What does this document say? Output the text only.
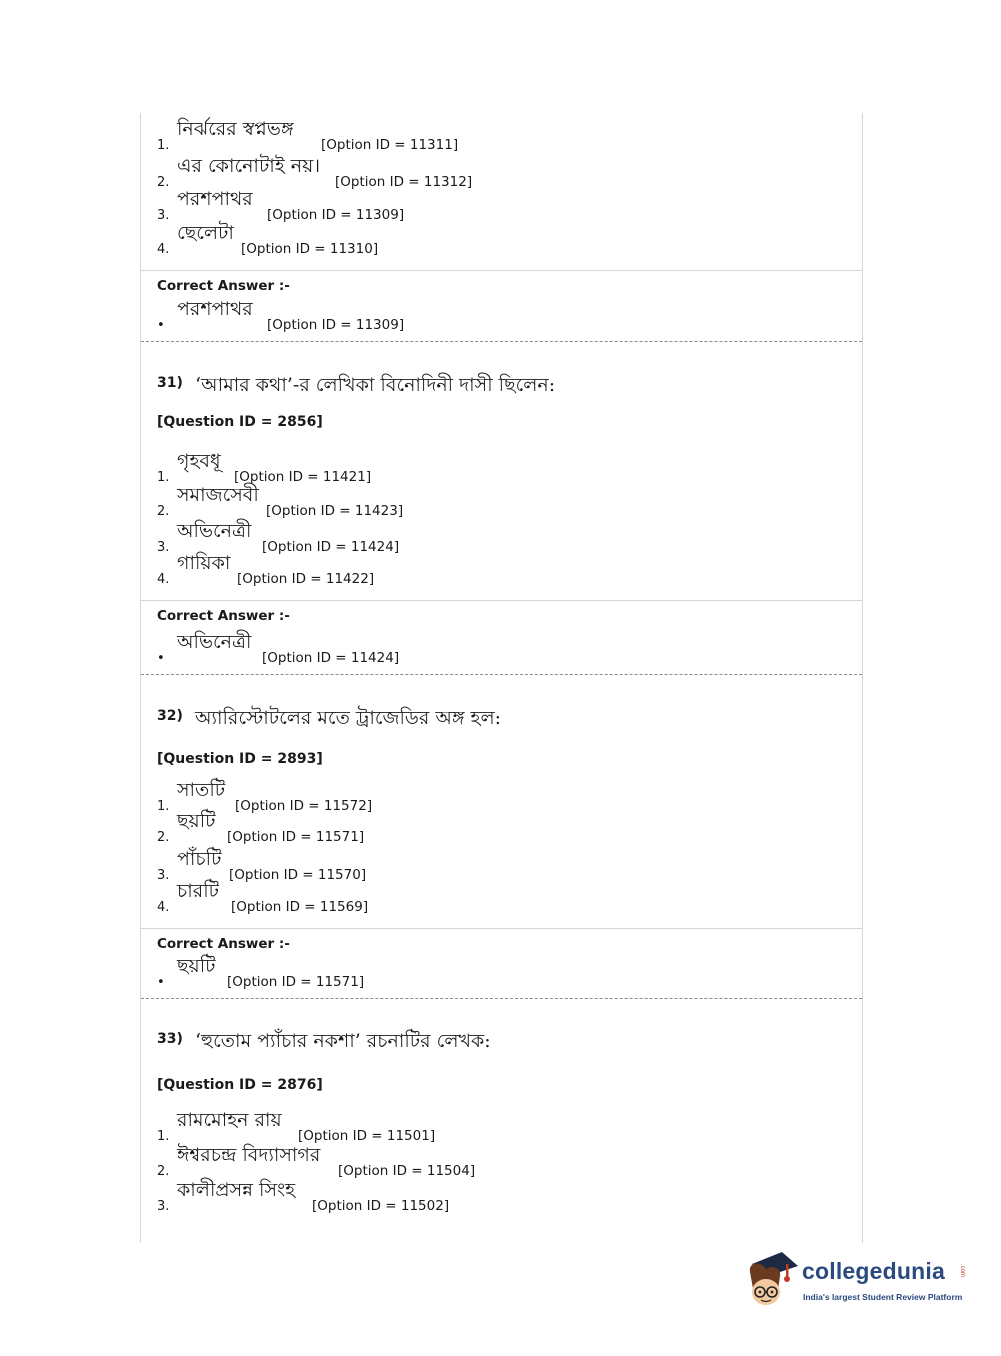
1.
নির্ঝরের স্বপ্নভঙ্গ
[Option ID = 11311]
2.
এর কোনোটাই নয়।
[Option ID = 11312]
3.
পরশপাথর
[Option ID = 11309]
4.
ছেলেটা
[Option ID = 11310]
Correct Answer :-
•
পরশপাথর
[Option ID = 11309]
31) ‘আমার কথা’-র লেখিকা বিনোদিনী দাসী ছিলেন:
[Question ID = 2856]
1.
গৃহবধূ
[Option ID = 11421]
2.
সমাজসেবী
[Option ID = 11423]
3.
অভিনেত্রী
[Option ID = 11424]
4.
গায়িকা
[Option ID = 11422]
Correct Answer :-
•
অভিনেত্রী
[Option ID = 11424]
32) অ্যারিস্টোটলের মতে ট্রাজেডির অঙ্গ হল:
[Question ID = 2893]
1.
সাতটি
[Option ID = 11572]
2.
ছয়টি
[Option ID = 11571]
3.
পাঁচটি
[Option ID = 11570]
4.
চারটি
[Option ID = 11569]
Correct Answer :-
•
ছয়টি
[Option ID = 11571]
33) ‘হুতোম প্যাঁচার নকশা’ রচনাটির লেখক:
[Question ID = 2876]
1.
রামমোহন রায়
[Option ID = 11501]
2.
ঈশ্বরচন্দ্র বিদ্যাসাগর
[Option ID = 11504]
3.
কালীপ্রসন্ন সিংহ
[Option ID = 11502]
collegedunia .com
India's largest Student Review Platform
